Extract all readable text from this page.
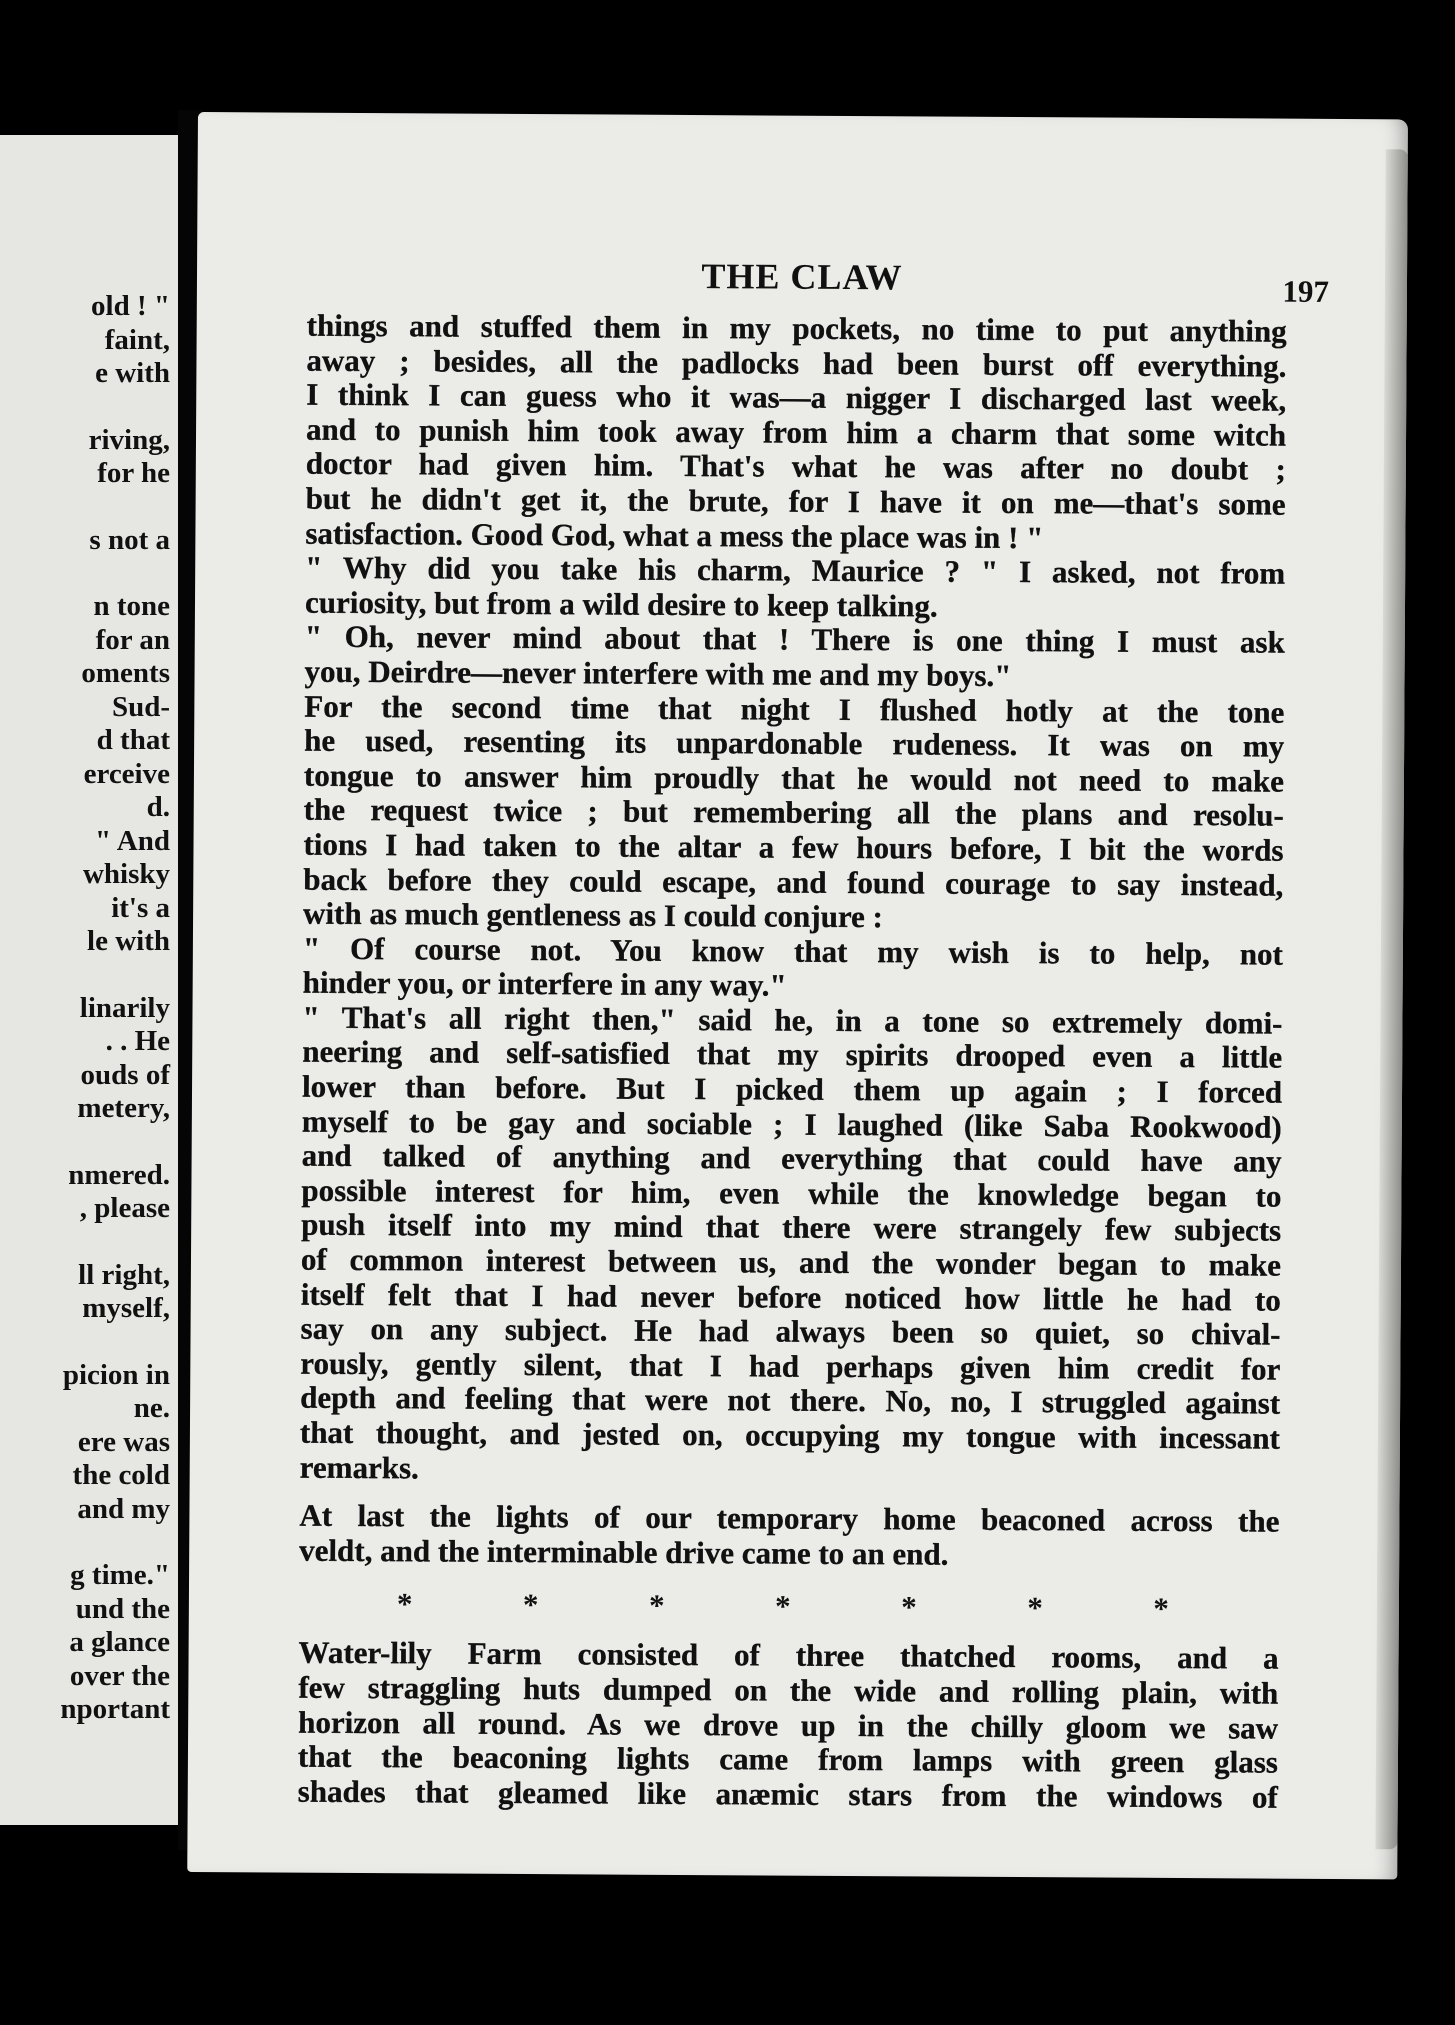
old ! "
faint,
e with
riving,
for he
s not a
n tone
for an
oments
Sud-
d that
erceive
d.
" And
whisky
it's a
le with
linarily
. . He
ouds of
metery,
nmered.
, please
ll right,
myself,
picion in
ne.
ere was
the cold
and my
g time."
und the
a glance
over the
nportant
THE CLAW	197
things and stuffed them in my pockets, no time to put anything
away ; besides, all the padlocks had been burst off everything.
I think I can guess who it was—a nigger I discharged last week,
and to punish him took away from him a charm that some witch
doctor had given him. That's what he was after no doubt ;
but he didn't get it, the brute, for I have it on me—that's some
satisfaction. Good God, what a mess the place was in ! "
" Why did you take his charm, Maurice ? " I asked, not from
curiosity, but from a wild desire to keep talking.
" Oh, never mind about that ! There is one thing I must ask
you, Deirdre—never interfere with me and my boys."
For the second time that night I flushed hotly at the tone
he used, resenting its unpardonable rudeness. It was on my
tongue to answer him proudly that he would not need to make
the request twice ; but remembering all the plans and resolu-
tions I had taken to the altar a few hours before, I bit the words
back before they could escape, and found courage to say instead,
with as much gentleness as I could conjure :
" Of course not. You know that my wish is to help, not
hinder you, or interfere in any way."
" That's all right then," said he, in a tone so extremely domi-
neering and self-satisfied that my spirits drooped even a little
lower than before. But I picked them up again ; I forced
myself to be gay and sociable ; I laughed (like Saba Rookwood)
and talked of anything and everything that could have any
possible interest for him, even while the knowledge began to
push itself into my mind that there were strangely few subjects
of common interest between us, and the wonder began to make
itself felt that I had never before noticed how little he had to
say on any subject. He had always been so quiet, so chival-
rously, gently silent, that I had perhaps given him credit for
depth and feeling that were not there. No, no, I struggled against
that thought, and jested on, occupying my tongue with incessant
remarks.
At last the lights of our temporary home beaconed across the
veldt, and the interminable drive came to an end.
*	*	*	*	*	*	*
Water-lily Farm consisted of three thatched rooms, and a
few straggling huts dumped on the wide and rolling plain, with
horizon all round. As we drove up in the chilly gloom we saw
that the beaconing lights came from lamps with green glass
shades that gleamed like anæmic stars from the windows of
